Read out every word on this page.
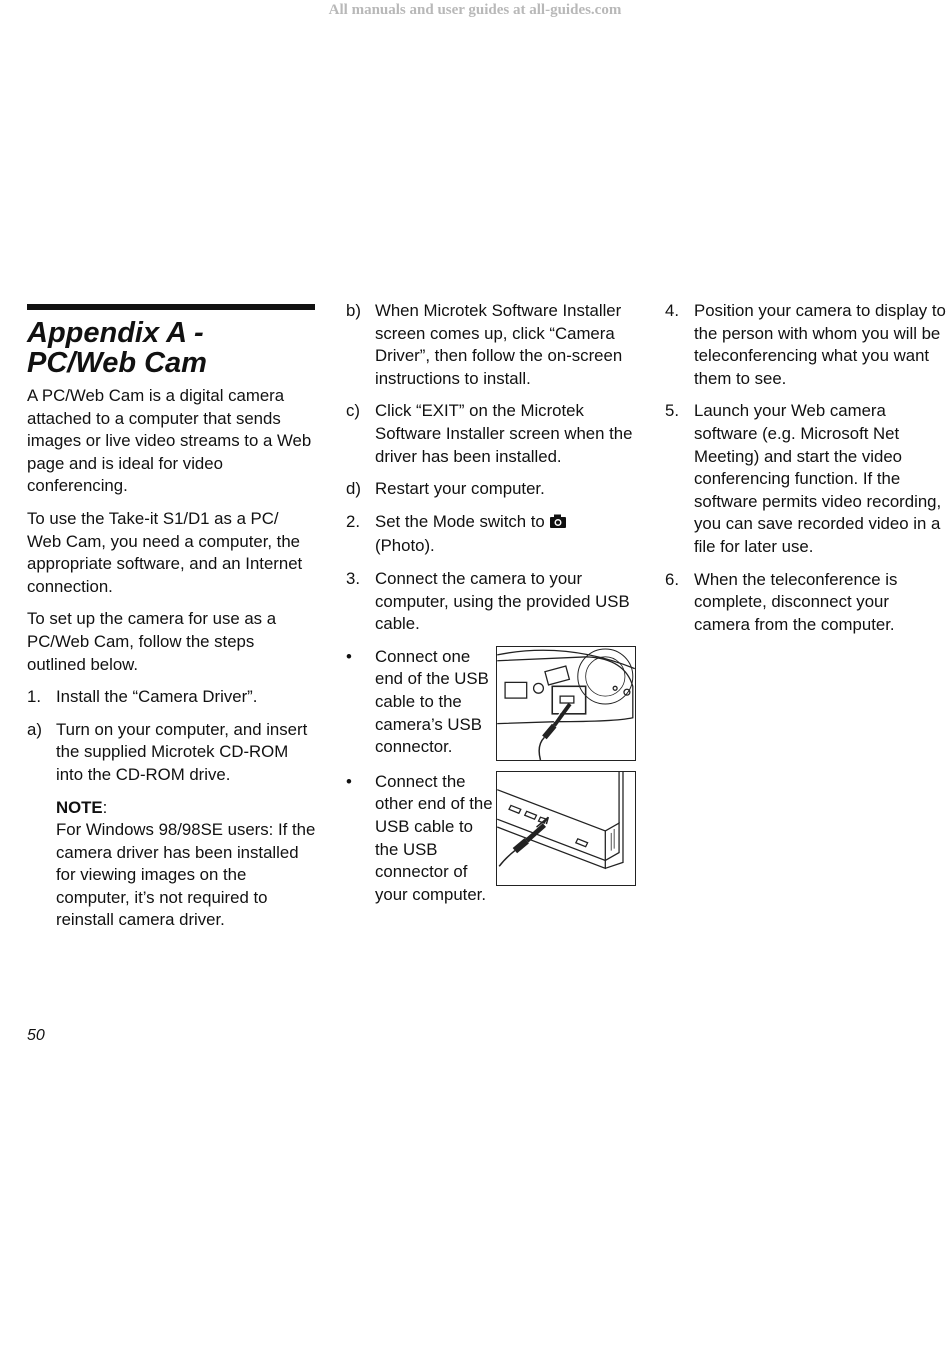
All manuals and user guides at all-guides.com
Appendix A -
PC/Web Cam

A PC/Web Cam is a digital camera attached to a computer that sends images or live video streams to a Web page and is ideal for video conferencing.

To use the Take-it S1/D1 as a PC/ Web Cam, you need a computer, the appropriate software, and an Internet connection.

To set up the camera for use as a PC/Web Cam, follow the steps outlined below.

1. Install the “Camera Driver”.
a) Turn on your computer, and insert the supplied Microtek CD-ROM into the CD-ROM drive.
NOTE:
For Windows 98/98SE users: If the camera driver has been installed for viewing images on the computer, it’s not required to reinstall camera driver.
b) When Microtek Software Installer screen comes up, click “Camera Driver”, then follow the on-screen instructions to install.
c) Click “EXIT” on the Microtek Software Installer screen when the driver has been installed.
d) Restart your computer.
2. Set the Mode switch to
(Photo).
3. Connect the camera to your computer, using the provided USB cable.
•	Connect one end of the USB cable to the camera’s USB connector.
•	Connect the other end of the USB cable to the USB connector of your computer.
4. Position your camera to display to the person with whom you will be teleconferencing what you want them to see.
5. Launch your Web camera software (e.g. Microsoft Net Meeting) and start the video conferencing function. If the software permits video recording, you can save recorded video in a file for later use.
6. When the teleconference is complete, disconnect your camera from the computer.
50
